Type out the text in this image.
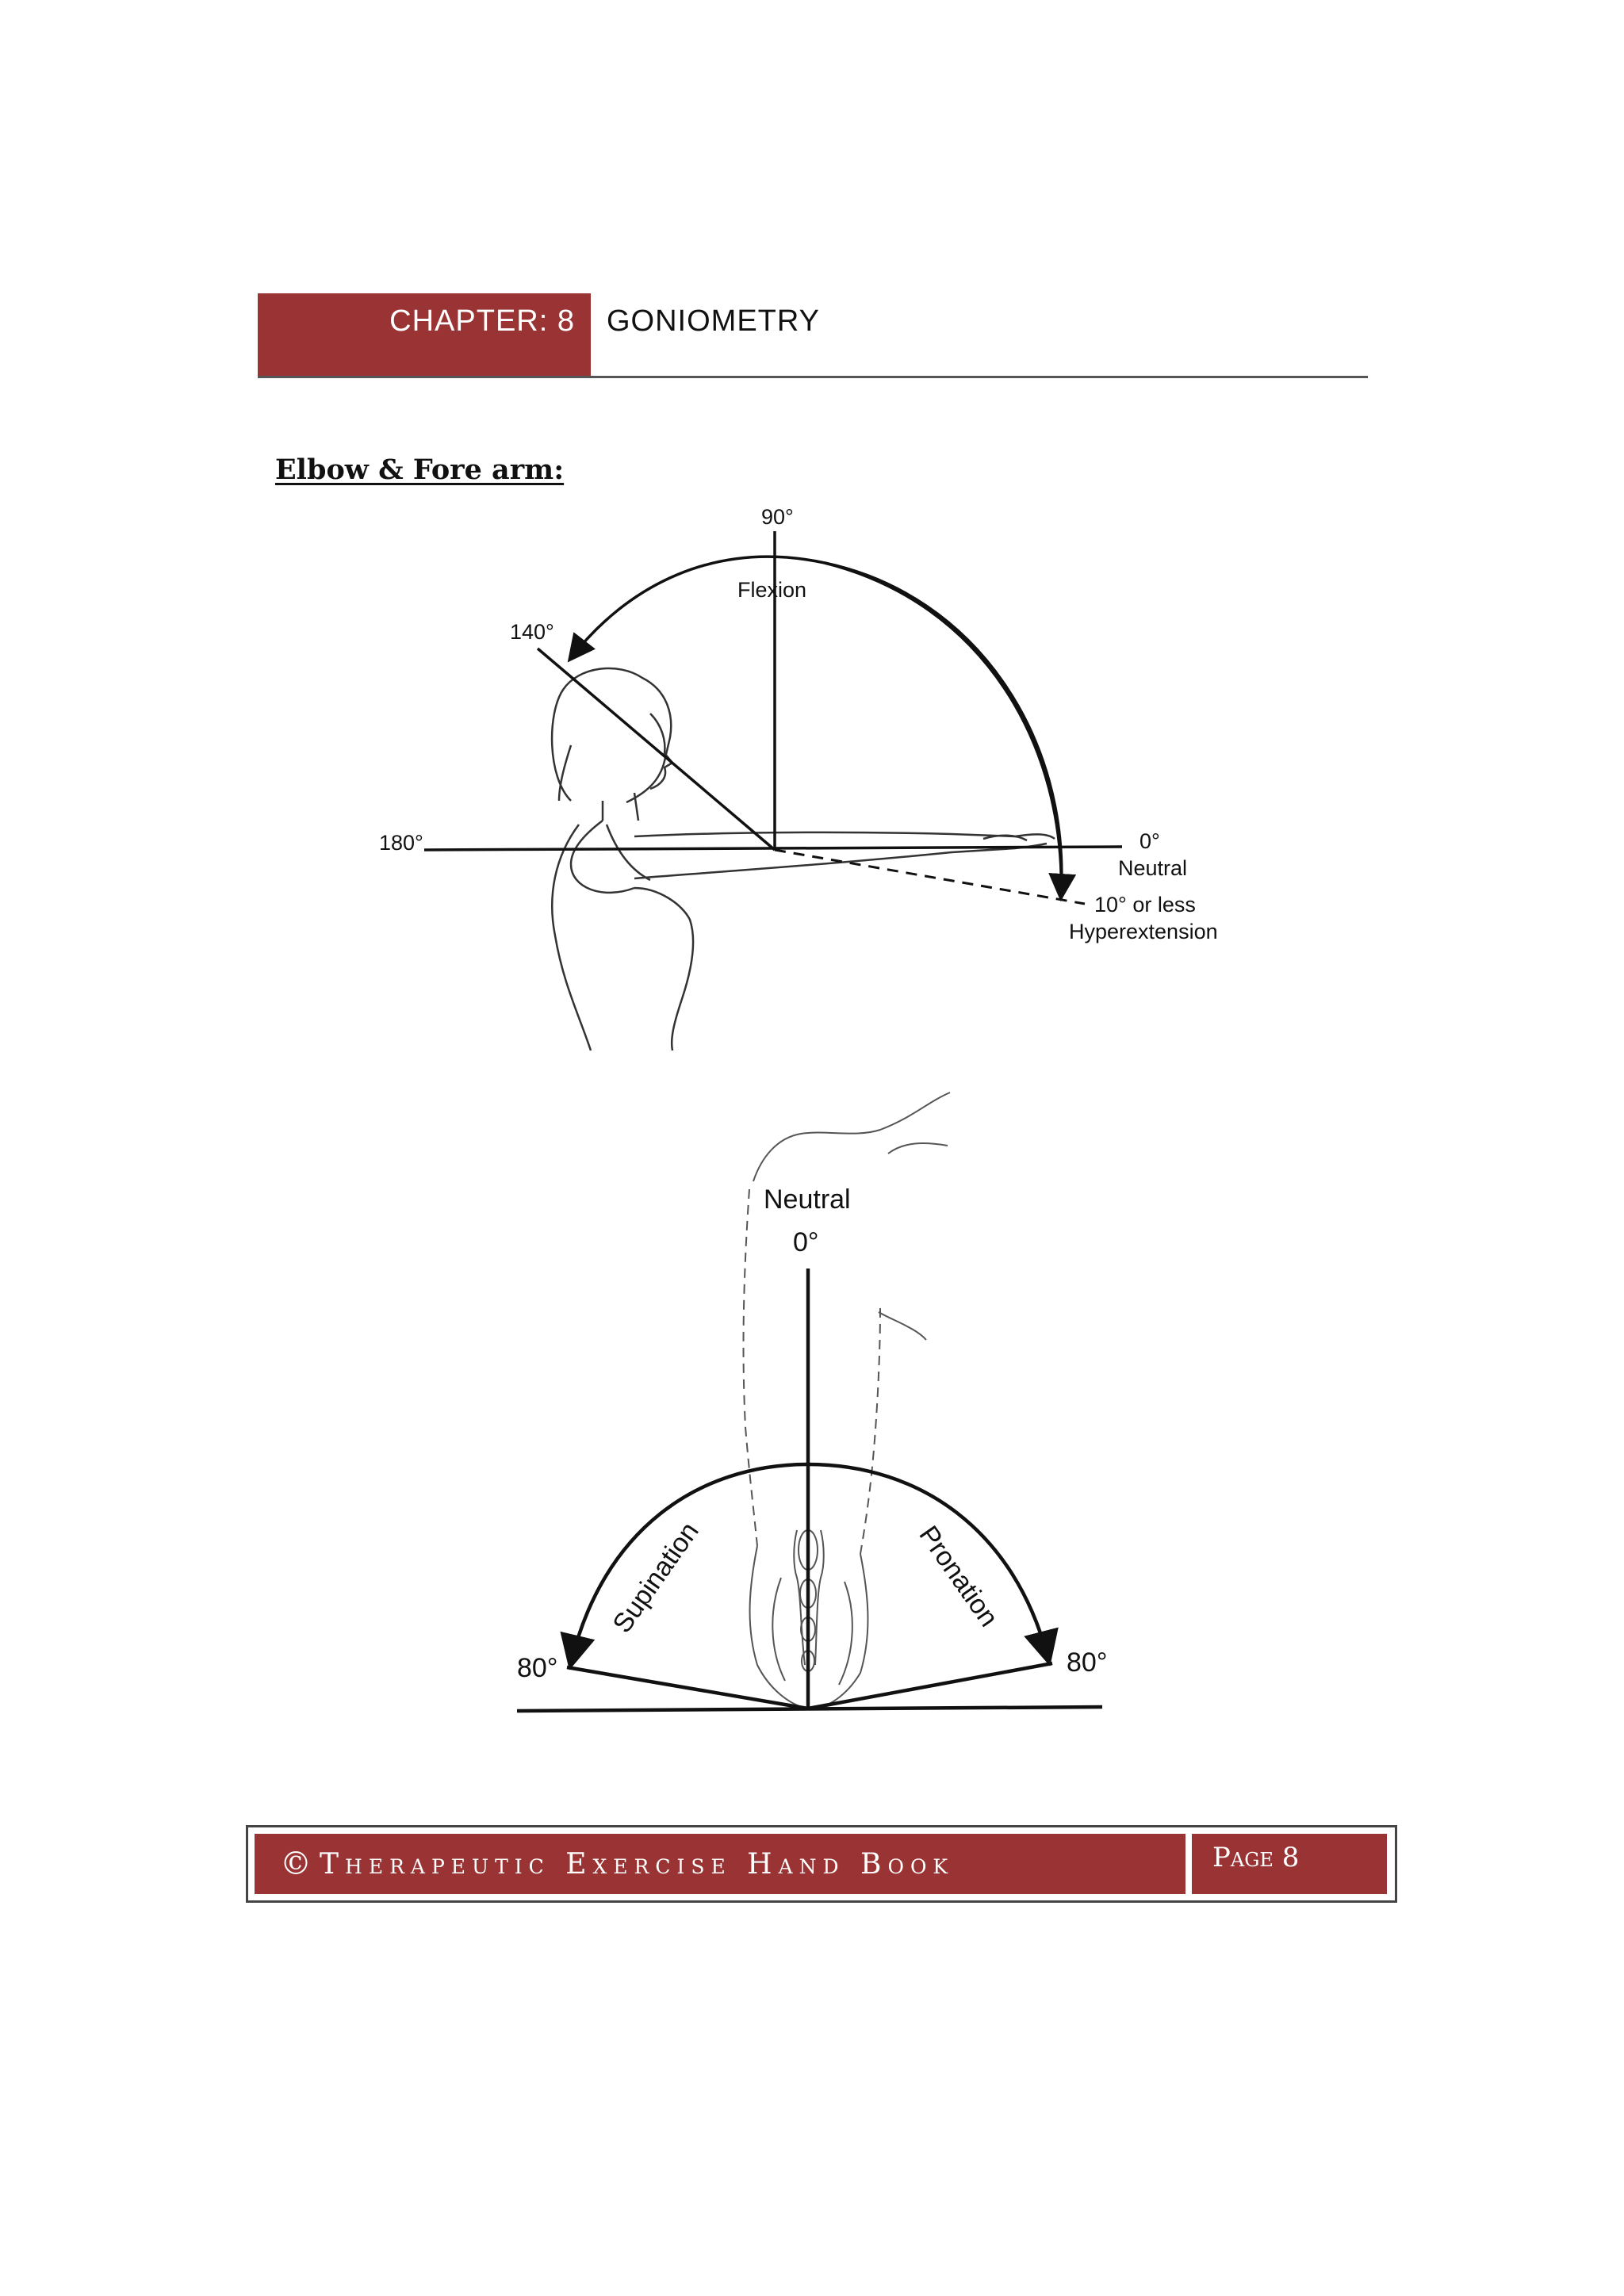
CHAPTER: 8	GONIOMETRY
Elbow & Fore arm:
90°
Flexion
140°
180°	0°
Neutral
10° or less
Hyperextension
Neutral
0°
Supination	Pronation
80°	80°
© Therapeutic Exercise Hand Book	Page 8
